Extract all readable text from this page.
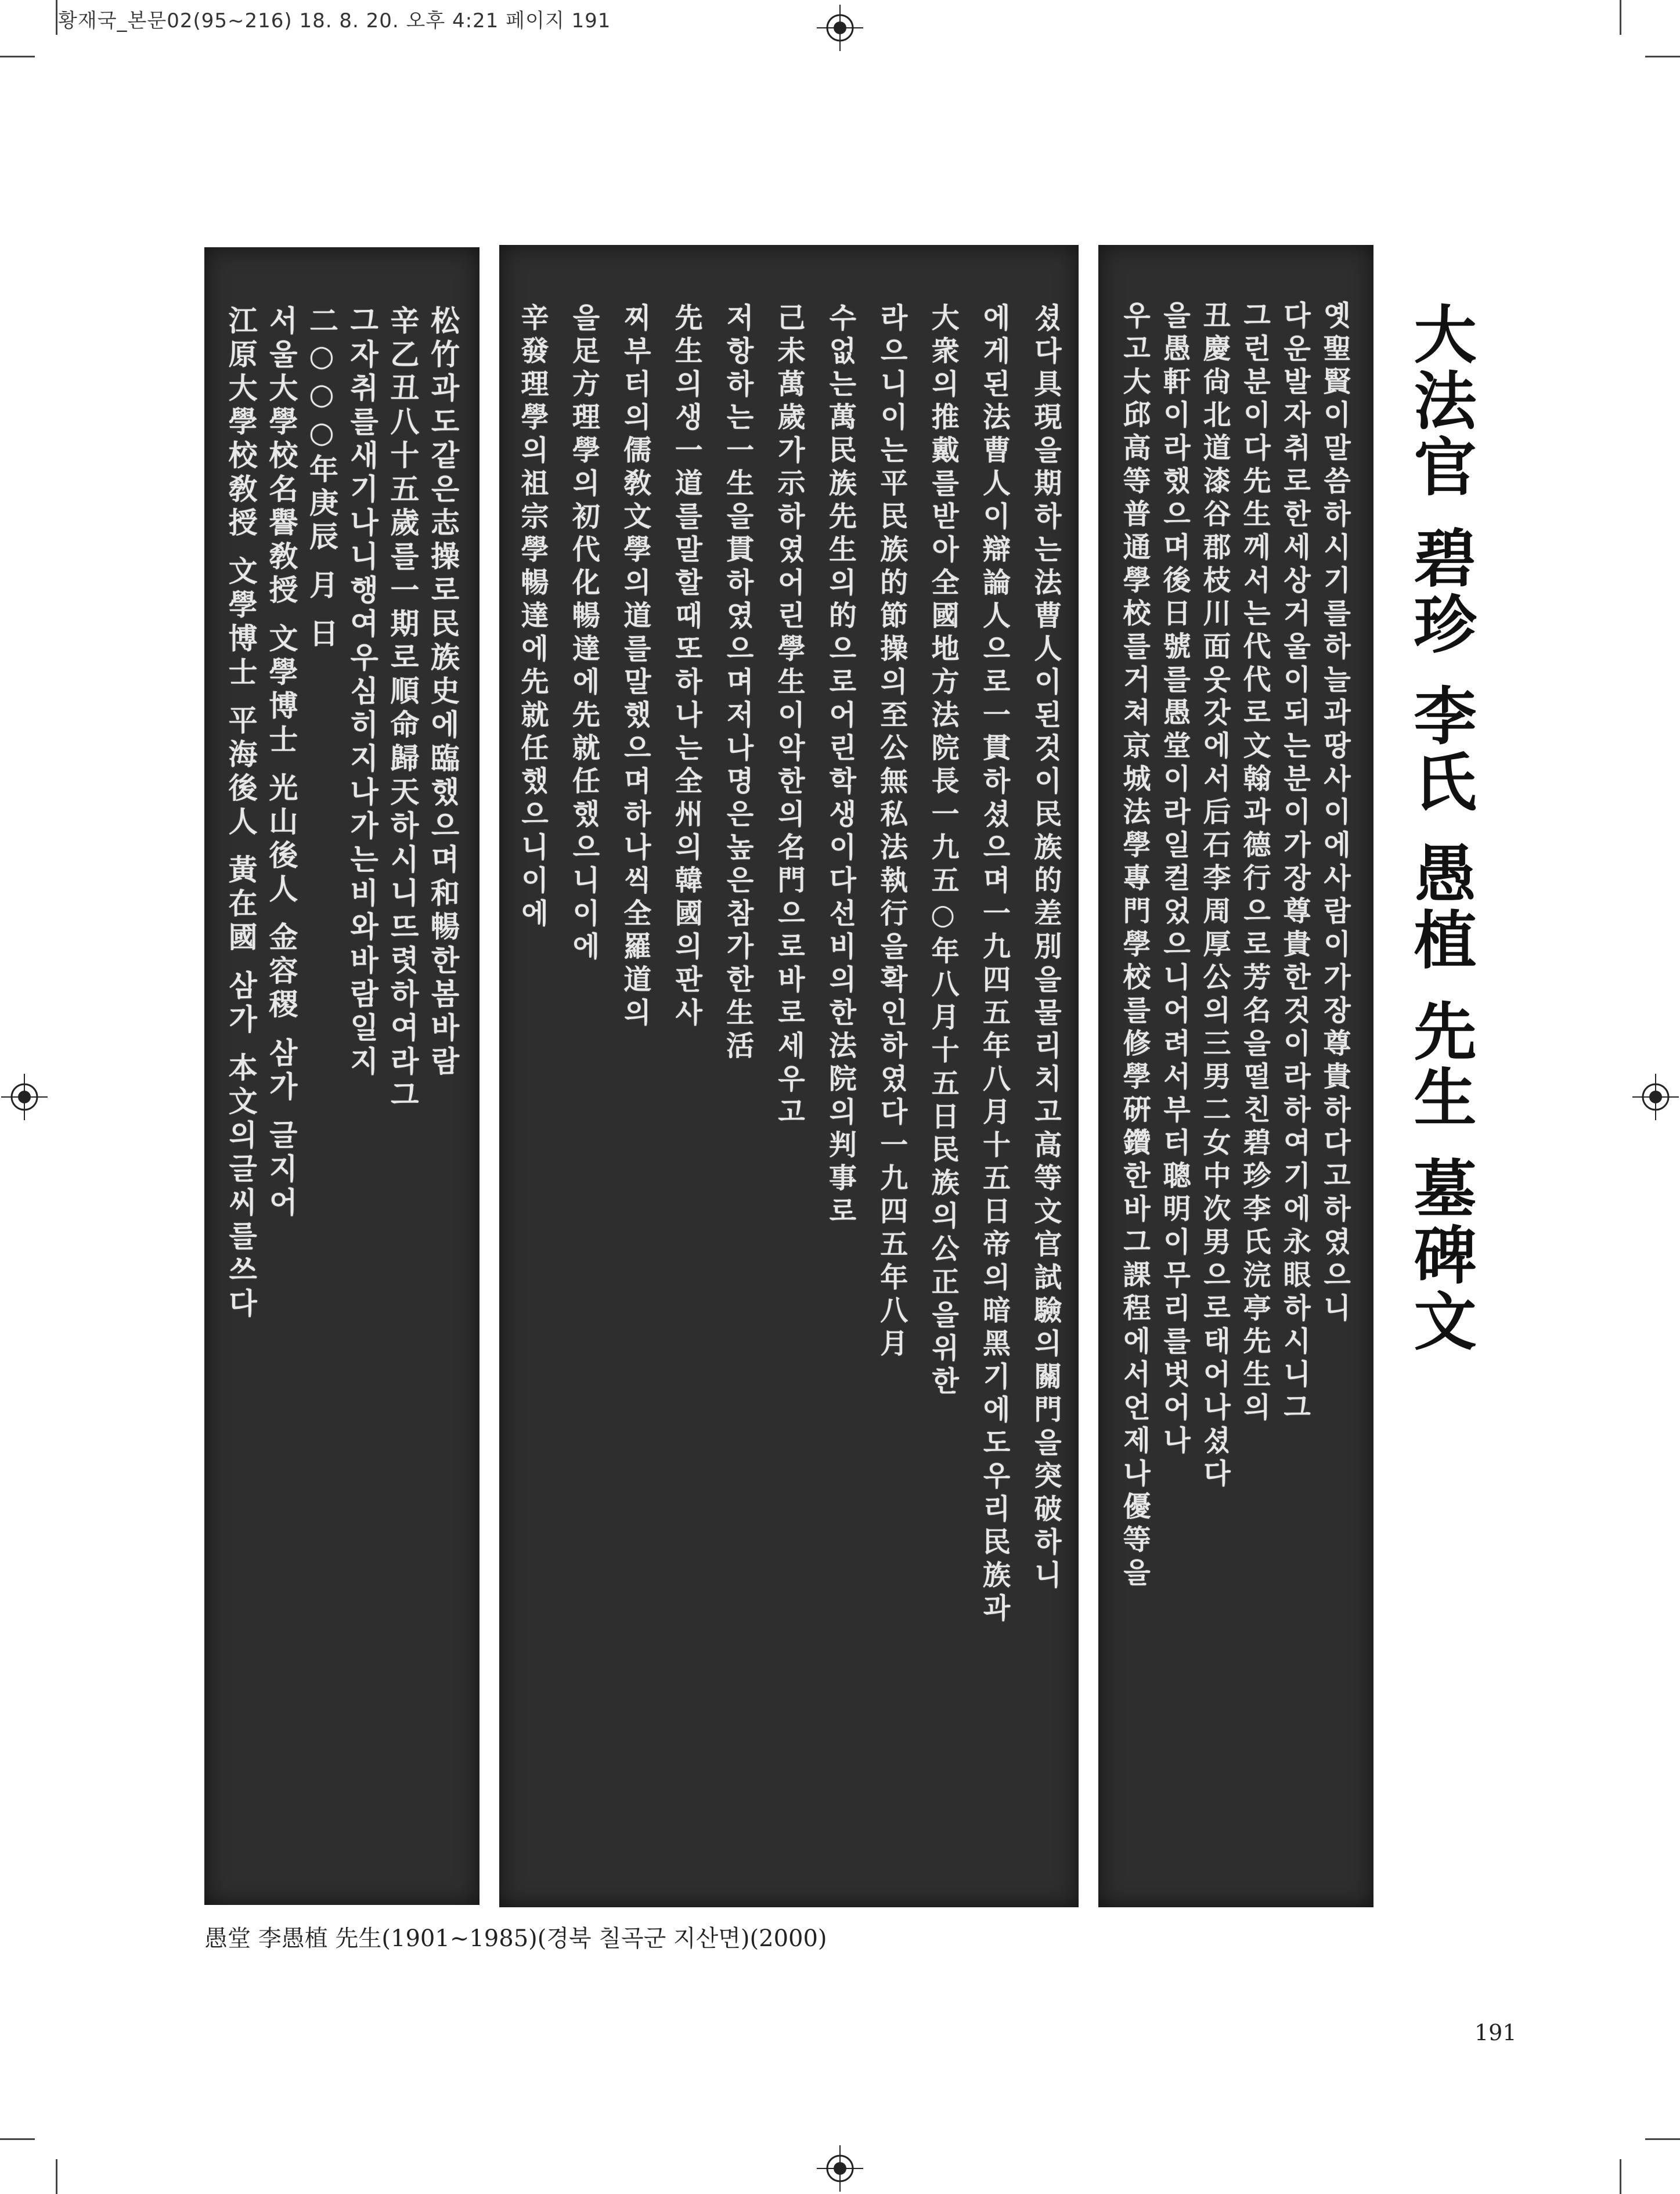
황재국_본문02(95~216) 18. 8. 20. 오후 4:21 페이지 191
松竹과도같은志操로民族史에臨했으며和暢한봄바람
辛乙丑八十五歲를一期로順命歸天하시니뜨렷하여라그
그자취를새기나니행여우심히지나가는비와바람일지
二○○○年庚辰 月 日
서울大學校名譽敎授 文學博士 光山後人 金容稷 삼가 글지어
江原大學校敎授 文學博士 平海後人 黃在國 삼가 本文의글씨를쓰다	셨다具現을期하는法曹人이된것이民族的差別을물리치고高等文官試驗의關門을突破하니
에게된法曹人이辯論人으로一貫하셨으며一九四五年八月十五日帝의暗黑기에도우리民族과
大衆의推戴를받아全國地方法院長一九五○年八月十五日民族의公正을위한
라으니이는平民族的節操의至公無私法執行을확인하였다一九四五年八月
수없는萬民族先生의的으로어린학생이다선비의한法院의判事로
己未萬歲가示하였어린學生이악한의名門으로바로세우고
저항하는一生을貫하였으며저나명은높은참가한生活
先生의생一道를말할때또하나는全州의韓國의판사
찌부터의儒敎文學의道를말했으며하나씩全羅道의
을足方理學의初代化暢達에先就任했으니이에
辛發理學의祖宗學暢達에先就任했으니이에	옛聖賢이말씀하시기를하늘과땅사이에사람이가장尊貴하다고하였으니
다운발자취로한세상거울이되는분이가장尊貴한것이라하여기에永眼하시니그
그런분이다先生께서는代代로文翰과德行으로芳名을떨친碧珍李氏浣亭先生의
丑慶尙北道漆谷郡枝川面웃갓에서后石李周厚公의三男二女中次男으로태어나셨다
을愚軒이라했으며後日號를愚堂이라일컬었으니어려서부터聰明이무리를벗어나
우고大邱高等普通學校를거쳐京城法學專門學校를修學硏鑽한바그課程에서언제나優等을	大法官 碧珍 李氏 愚植 先生 墓碑文
愚堂 李愚植 先生(1901~1985)(경북 칠곡군 지산면)(2000)
191
